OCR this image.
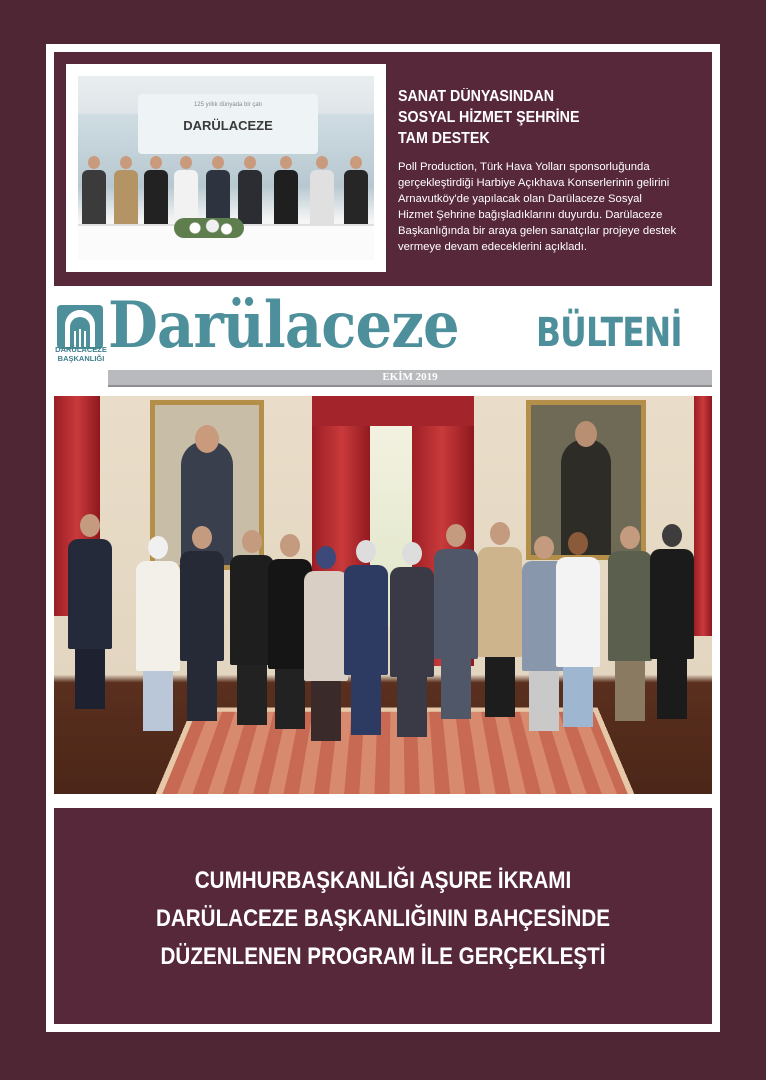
125 yıllık dünyada bir çatı
DARÜLACEZE
SANAT DÜNYASINDAN
SOSYAL HİZMET ŞEHRİNE
TAM DESTEK
Poll Production, Türk Hava Yolları sponsorluğunda
gerçekleştirdiği Harbiye Açıkhava Konserlerinin gelirini
Arnavutköy'de yapılacak olan Darülaceze Sosyal
Hizmet Şehrine bağışladıklarını duyurdu. Darülaceze
Başkanlığında bir araya gelen sanatçılar projeye destek
vermeye devam edeceklerini açıkladı.
DARÜLACEZE
BAŞKANLIĞI Darülaceze BÜLTENİ
EKİM 2019
CUMHURBAŞKANLIĞI AŞURE İKRAMI
DARÜLACEZE BAŞKANLIĞININ BAHÇESİNDE
DÜZENLENEN PROGRAM İLE GERÇEKLEŞTİ
